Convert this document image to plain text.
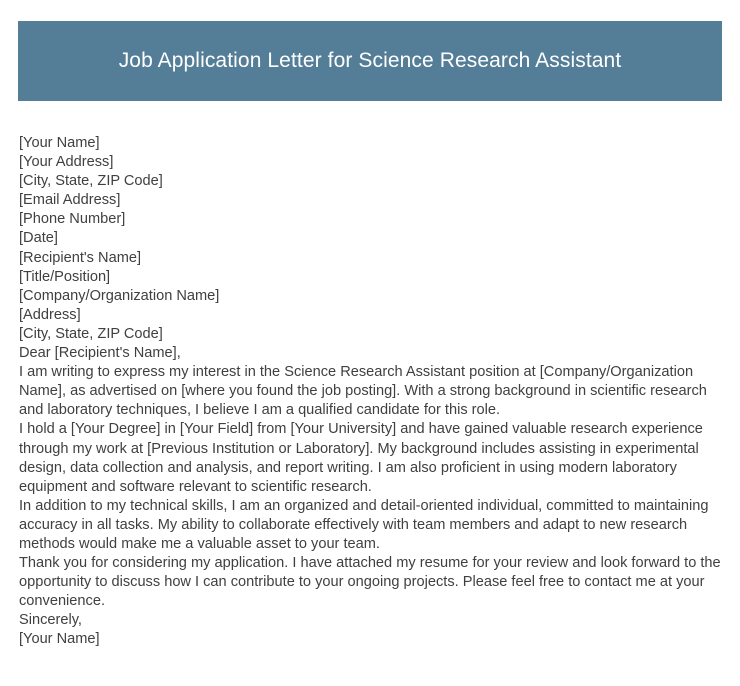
Job Application Letter for Science Research Assistant
[Your Name]
[Your Address]
[City, State, ZIP Code]
[Email Address]
[Phone Number]
[Date]
[Recipient's Name]
[Title/Position]
[Company/Organization Name]
[Address]
[City, State, ZIP Code]
Dear [Recipient's Name],

I am writing to express my interest in the Science Research Assistant position at [Company/Organization Name], as advertised on [where you found the job posting]. With a strong background in scientific research and laboratory techniques, I believe I am a qualified candidate for this role.

I hold a [Your Degree] in [Your Field] from [Your University] and have gained valuable research experience through my work at [Previous Institution or Laboratory]. My background includes assisting in experimental design, data collection and analysis, and report writing. I am also proficient in using modern laboratory equipment and software relevant to scientific research.

In addition to my technical skills, I am an organized and detail-oriented individual, committed to maintaining accuracy in all tasks. My ability to collaborate effectively with team members and adapt to new research methods would make me a valuable asset to your team.

Thank you for considering my application. I have attached my resume for your review and look forward to the opportunity to discuss how I can contribute to your ongoing projects. Please feel free to contact me at your convenience.

Sincerely,
[Your Name]
